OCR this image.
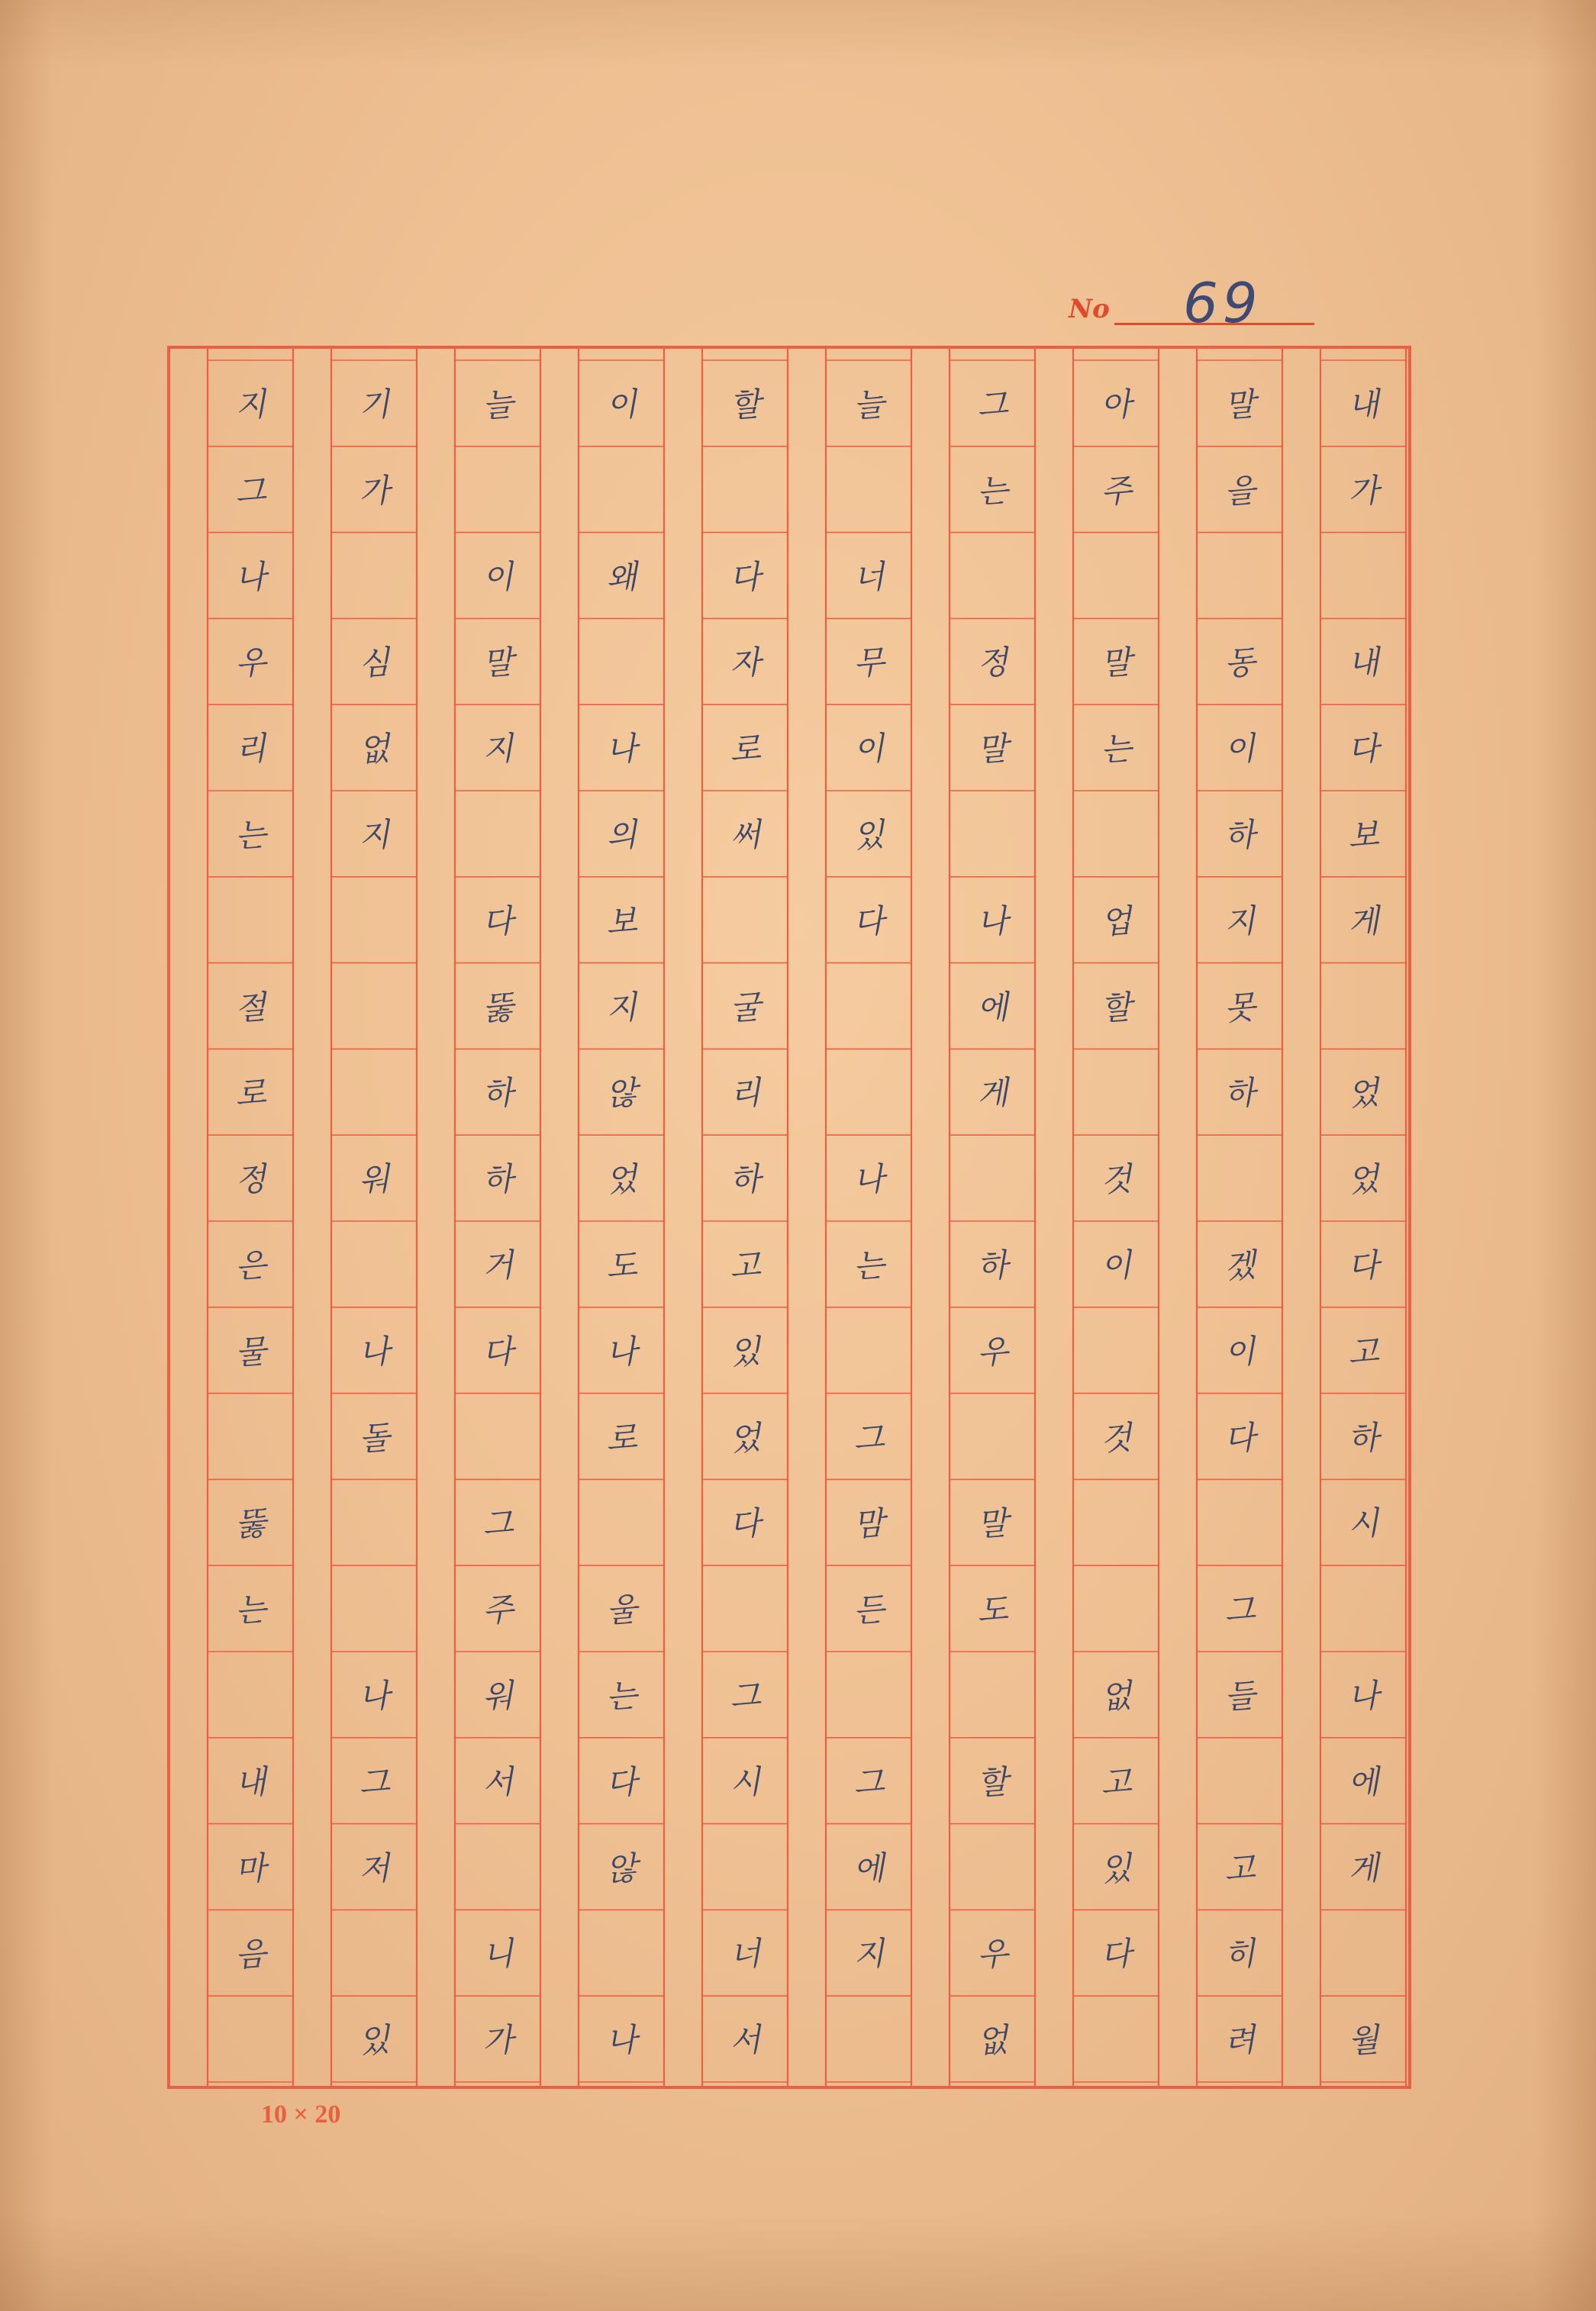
No 69
내
가
내
다
보
게
었
었
다
고
하
시
나
에
게
월
말
을
동
이
하
지
못
하
겠
이
다
그
들
고
히
려
아
주
말
는
업
할
것
이
것
없
고
있
다
그
는
정
말
나
에
게
하
우
말
도
할
우
없
늘
너
무
이
있
다
나
는
그
맘
든
그
에
지
할
다
자
로
써
굴
리
하
고
있
었
다
그
시
너
서
이
왜
나
의
보
지
않
었
도
나
로
울
는
다
않
나
늘
이
말
지
다
뚫
하
하
거
다
그
주
워
서
니
가
기
가
심
없
지
워
나
돌
나
그
저
있
지
그
나
우
리
는
절
로
정
은
물
뚫
는
내
마
음
10 × 20
